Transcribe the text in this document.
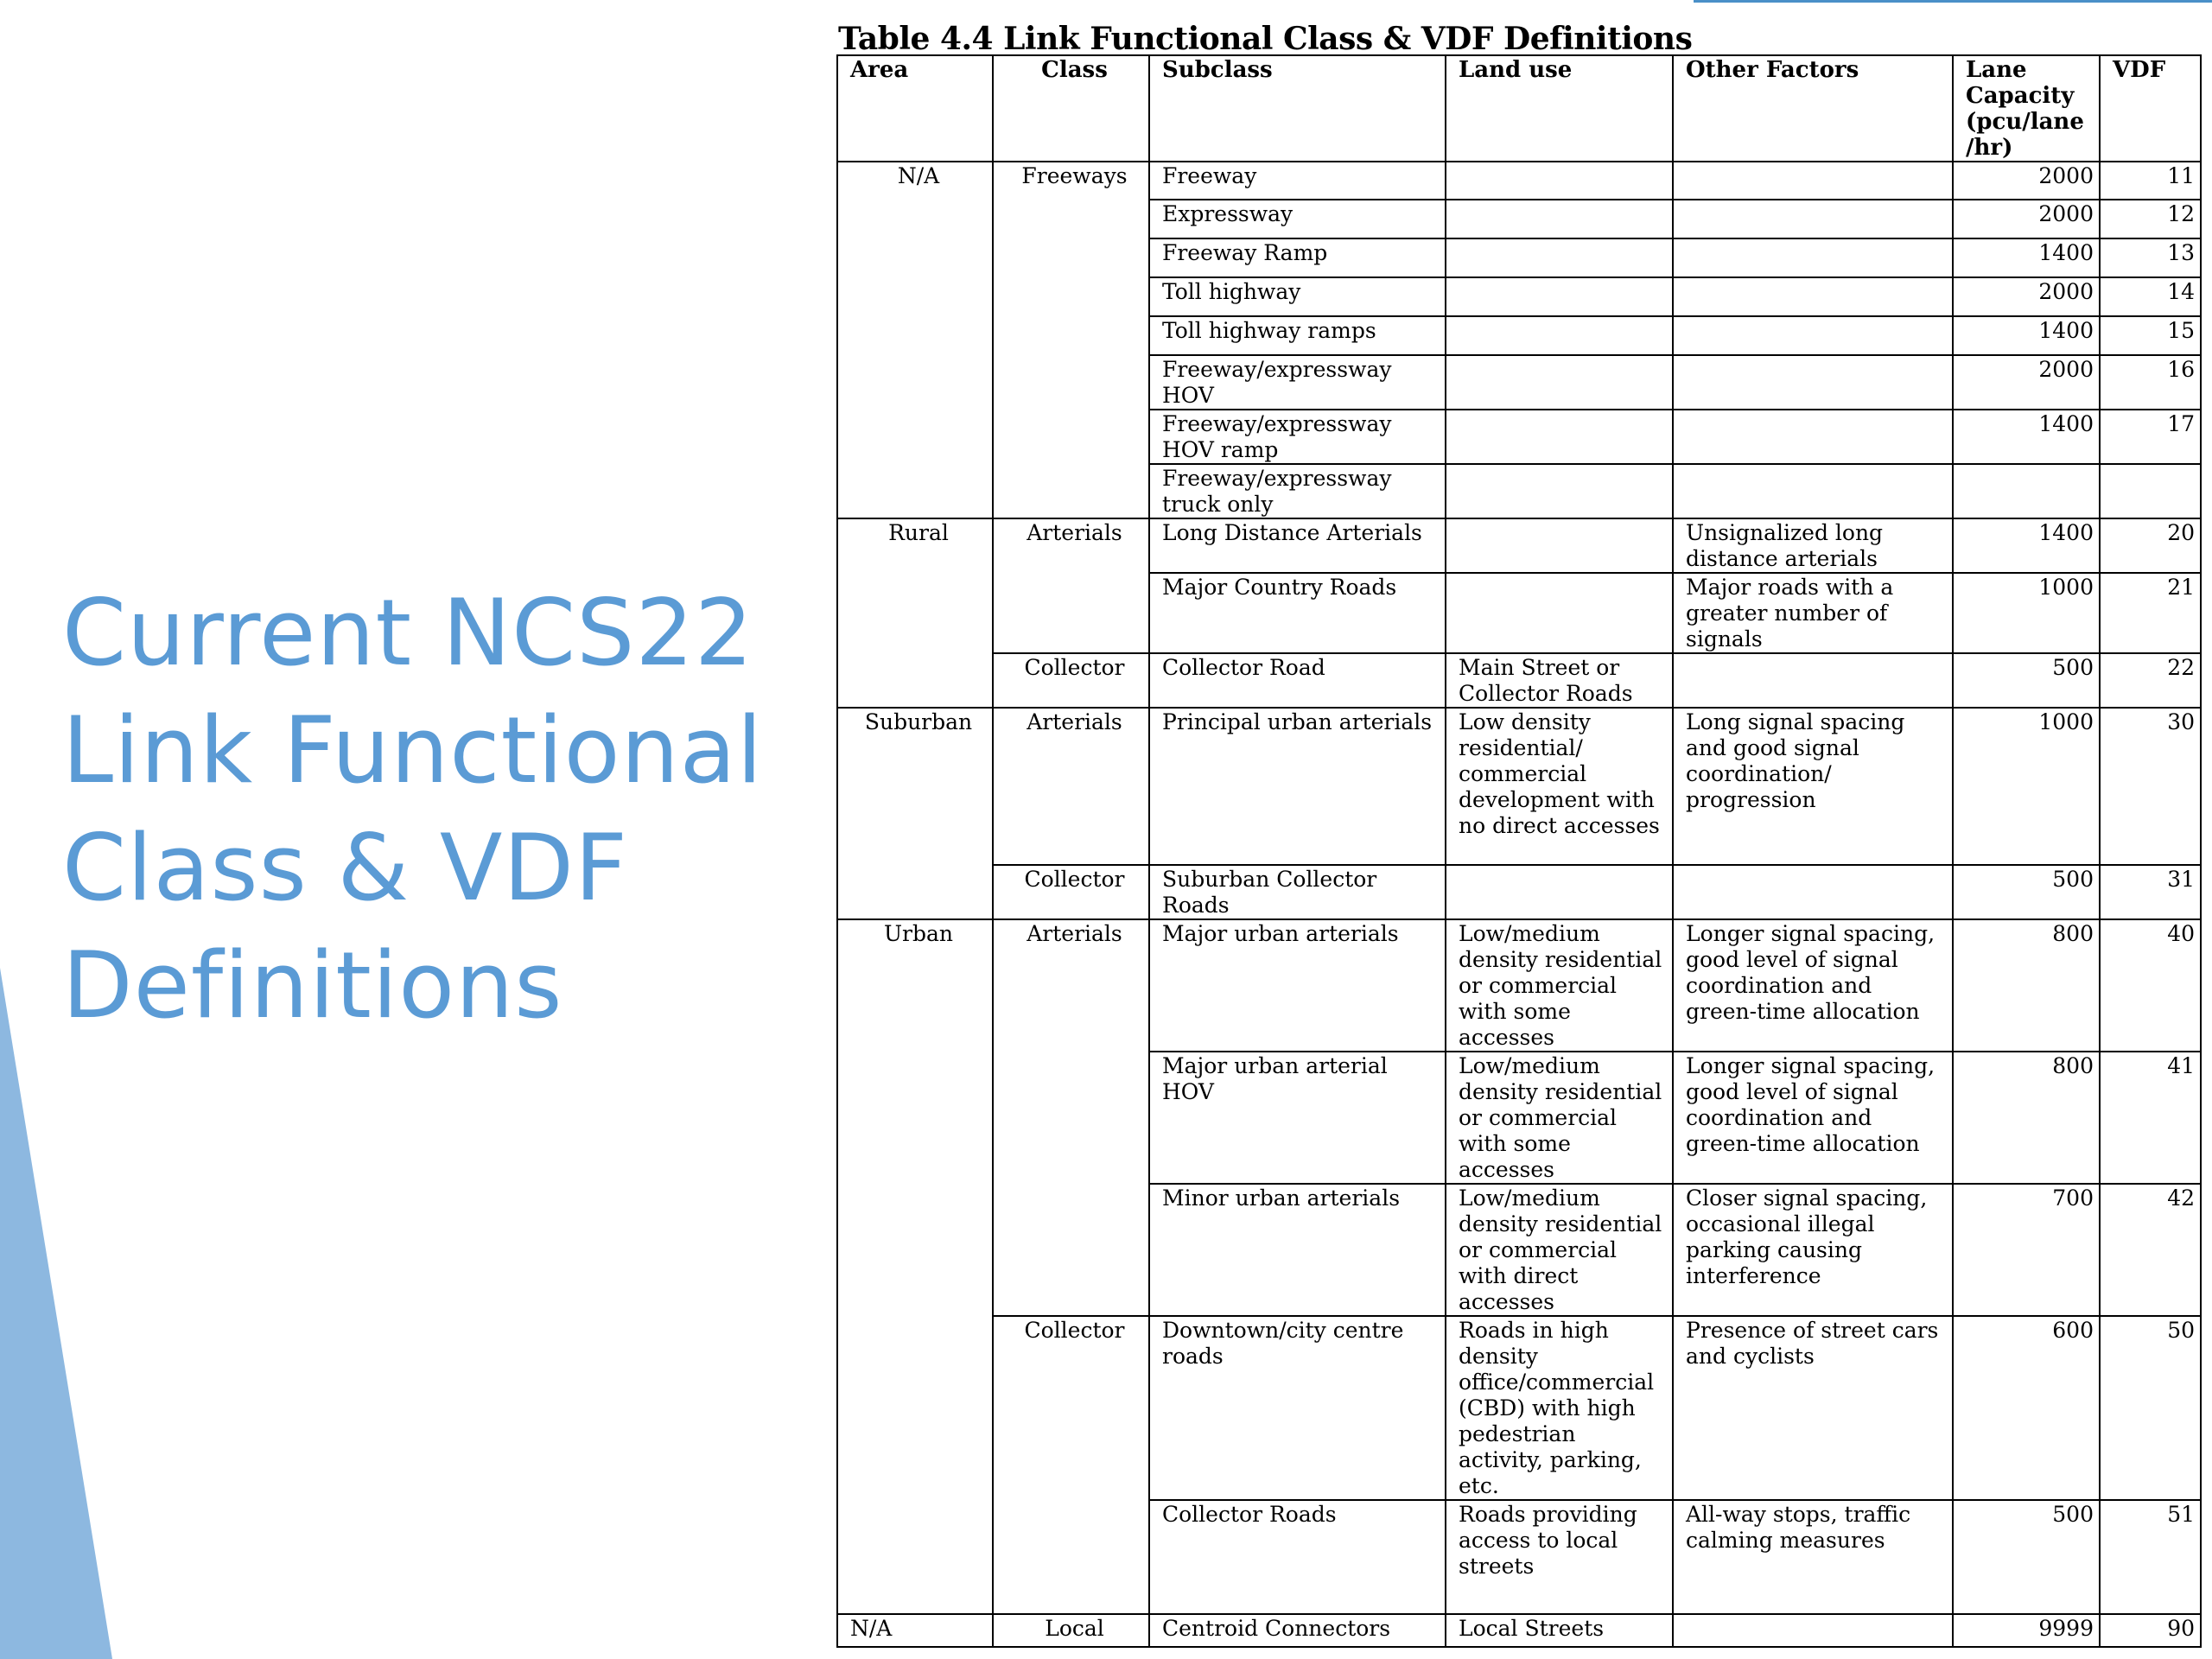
Current NCS22
Link Functional
Class & VDF
Definitions
Table 4.4 Link Functional Class & VDF Definitions
Area	Class	Subclass	Land use	Other Factors	Lane Capacity (pcu/lane /hr)	VDF
N/A	Freeways	Freeway			2000	11
		Expressway			2000	12
		Freeway Ramp			1400	13
		Toll highway			2000	14
		Toll highway ramps			1400	15
		Freeway/expressway HOV			2000	16
		Freeway/expressway HOV ramp			1400	17
		Freeway/expressway truck only				
Rural	Arterials	Long Distance Arterials		Unsignalized long distance arterials	1400	20
		Major Country Roads		Major roads with a greater number of signals	1000	21
	Collector	Collector Road	Main Street or Collector Roads		500	22
Suburban	Arterials	Principal urban arterials	Low density residential/ commercial development with no direct accesses	Long signal spacing and good signal coordination/ progression	1000	30
	Collector	Suburban Collector Roads			500	31
Urban	Arterials	Major urban arterials	Low/medium density residential or commercial with some accesses	Longer signal spacing, good level of signal coordination and green-time allocation	800	40
		Major urban arterial HOV	Low/medium density residential or commercial with some accesses	Longer signal spacing, good level of signal coordination and green-time allocation	800	41
		Minor urban arterials	Low/medium density residential or commercial with direct accesses	Closer signal spacing, occasional illegal parking causing interference	700	42
	Collector	Downtown/city centre roads	Roads in high density office/commercial (CBD) with high pedestrian activity, parking, etc.	Presence of street cars and cyclists	600	50
		Collector Roads	Roads providing access to local streets	All-way stops, traffic calming measures	500	51
N/A	Local	Centroid Connectors	Local Streets		9999	90
